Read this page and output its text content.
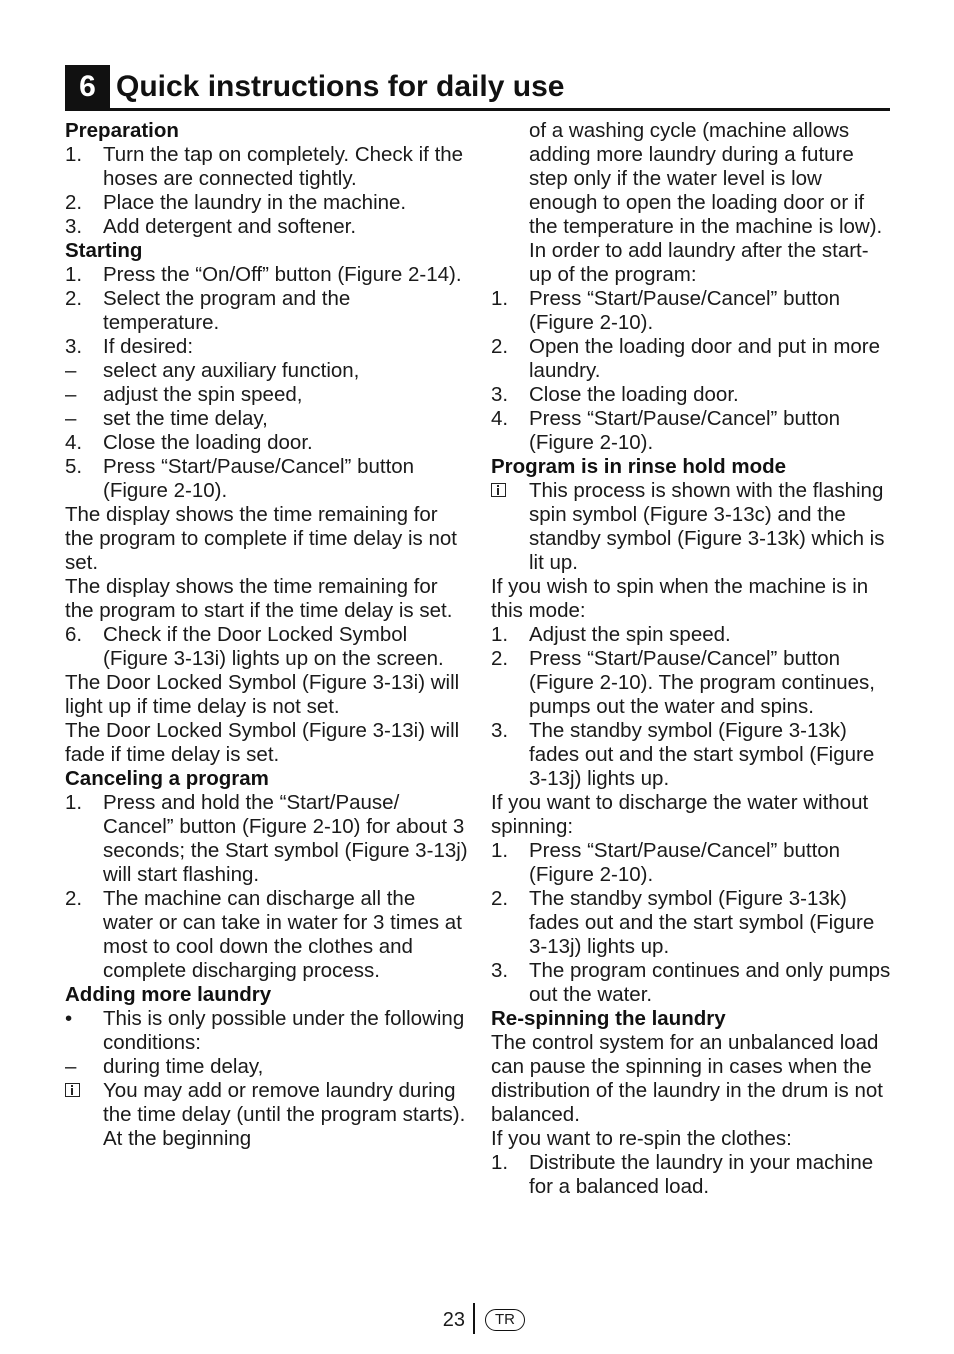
6 Quick instructions for daily use
Preparation
1. Turn the tap on completely. Check if the hoses are connected tightly.
2. Place the laundry in the machine.
3. Add detergent and softener.
Starting
1. Press the “On/Off” button (Figure 2-14).
2. Select the program and the temperature.
3. If desired:
– select any auxiliary function,
– adjust the spin speed,
– set the time delay,
4. Close the loading door.
5. Press “Start/Pause/Cancel” button (Figure 2-10).
The display shows the time remaining for the program to complete if time delay is not set.
The display shows the time remaining for the program to start if the time delay is set.
6. Check if the Door Locked Symbol (Figure 3-13i) lights up on the screen.
The Door Locked Symbol (Figure 3-13i) will light up if time delay is not set.
The Door Locked Symbol (Figure 3-13i) will fade if time delay is set.
Canceling a program
1. Press and hold the “Start/Pause/ Cancel” button (Figure 2-10) for about 3 seconds; the Start symbol (Figure 3-13j) will start flashing.
2. The machine can discharge all the water or can take in water for 3 times at most to cool down the clothes and complete discharging process.
Adding more laundry
• This is only possible under the following conditions:
– during time delay,
You may add or remove laundry during the time delay (until the program starts). At the beginning
of a washing cycle (machine allows adding more laundry during a future step only if the water level is low enough to open the loading door or if the temperature in the machine is low).
In order to add laundry after the start-up of the program:
1. Press “Start/Pause/Cancel” button (Figure 2-10).
2. Open the loading door and put in more laundry.
3. Close the loading door.
4. Press “Start/Pause/Cancel” button (Figure 2-10).
Program is in rinse hold mode
This process is shown with the flashing spin symbol (Figure 3-13c) and the standby symbol (Figure 3-13k) which is lit up.
If you wish to spin when the machine is in this mode:
1. Adjust the spin speed.
2. Press “Start/Pause/Cancel” button (Figure 2-10). The program continues, pumps out the water and spins.
3. The standby symbol (Figure 3-13k) fades out and the start symbol (Figure 3-13j) lights up.
If you want to discharge the water without spinning:
1. Press “Start/Pause/Cancel” button (Figure 2-10).
2. The standby symbol (Figure 3-13k) fades out and the start symbol (Figure 3-13j) lights up.
3. The program continues and only pumps out the water.
Re-spinning the laundry
The control system for an unbalanced load can pause the spinning in cases when the distribution of the laundry in the drum is not balanced.
If you want to re-spin the clothes:
1. Distribute the laundry in your machine for a balanced load.
23	TR
